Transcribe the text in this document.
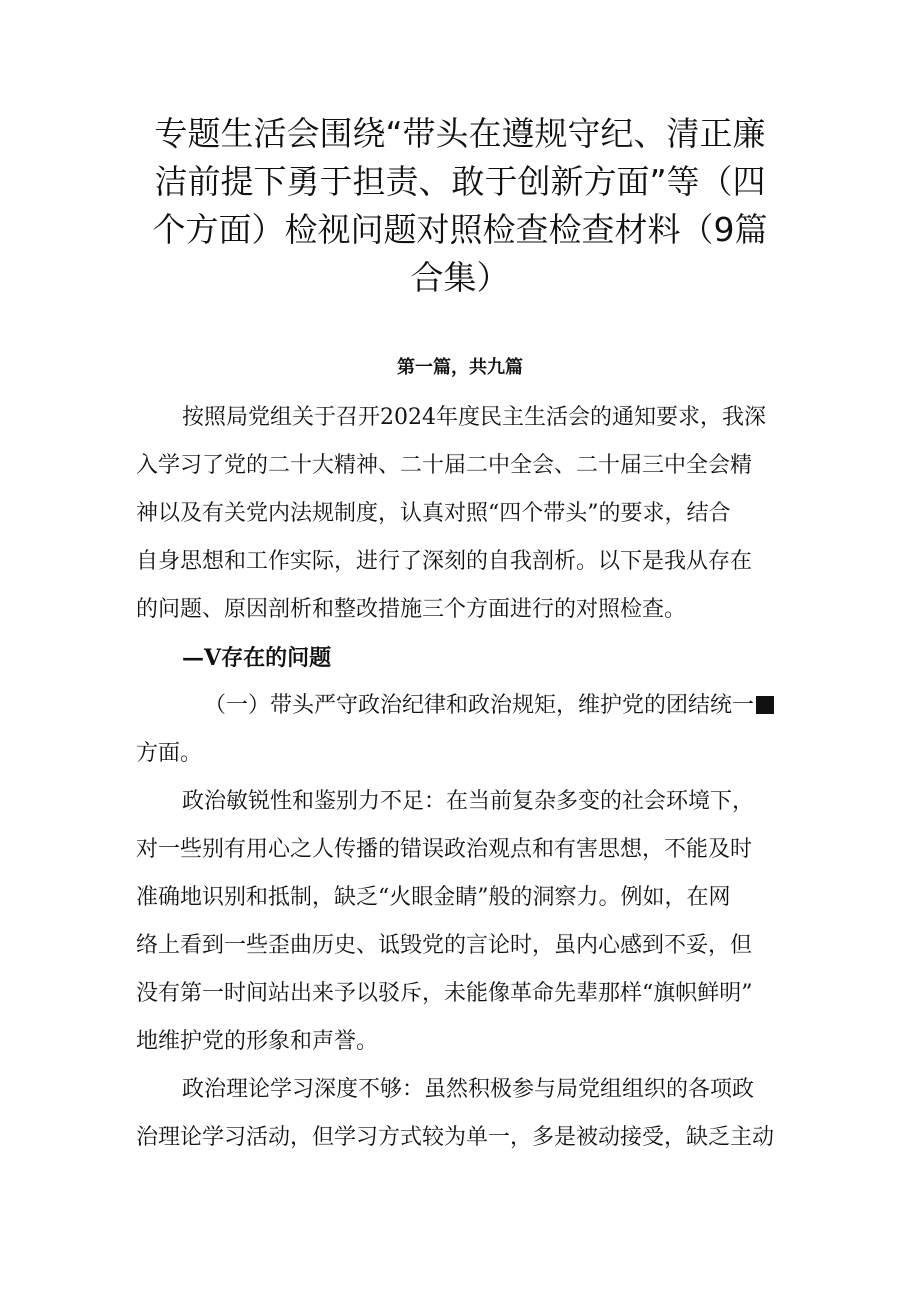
专题生活会围绕“带头在遵规守纪、清正廉
洁前提下勇于担责、敢于创新方面”等（四
个方面）检视问题对照检查检查材料（9篇
合集）
第一篇，共九篇
按照局党组关于召开2024年度民主生活会的通知要求，我深
入学习了党的二十大精神、二十届二中全会、二十届三中全会精
神以及有关党内法规制度，认真对照“四个带头”的要求，结合
自身思想和工作实际，进行了深刻的自我剖析。以下是我从存在
的问题、原因剖析和整改措施三个方面进行的对照检查。
—V存在的问题
（一）带头严守政治纪律和政治规矩，维护党的团结统一
方面。
政治敏锐性和鉴别力不足：在当前复杂多变的社会环境下，
对一些别有用心之人传播的错误政治观点和有害思想，不能及时
准确地识别和抵制，缺乏“火眼金睛”般的洞察力。例如，在网
络上看到一些歪曲历史、诋毁党的言论时，虽内心感到不妥，但
没有第一时间站出来予以驳斥，未能像革命先辈那样“旗帜鲜明”
地维护党的形象和声誉。
政治理论学习深度不够：虽然积极参与局党组组织的各项政
治理论学习活动，但学习方式较为单一，多是被动接受，缺乏主动
